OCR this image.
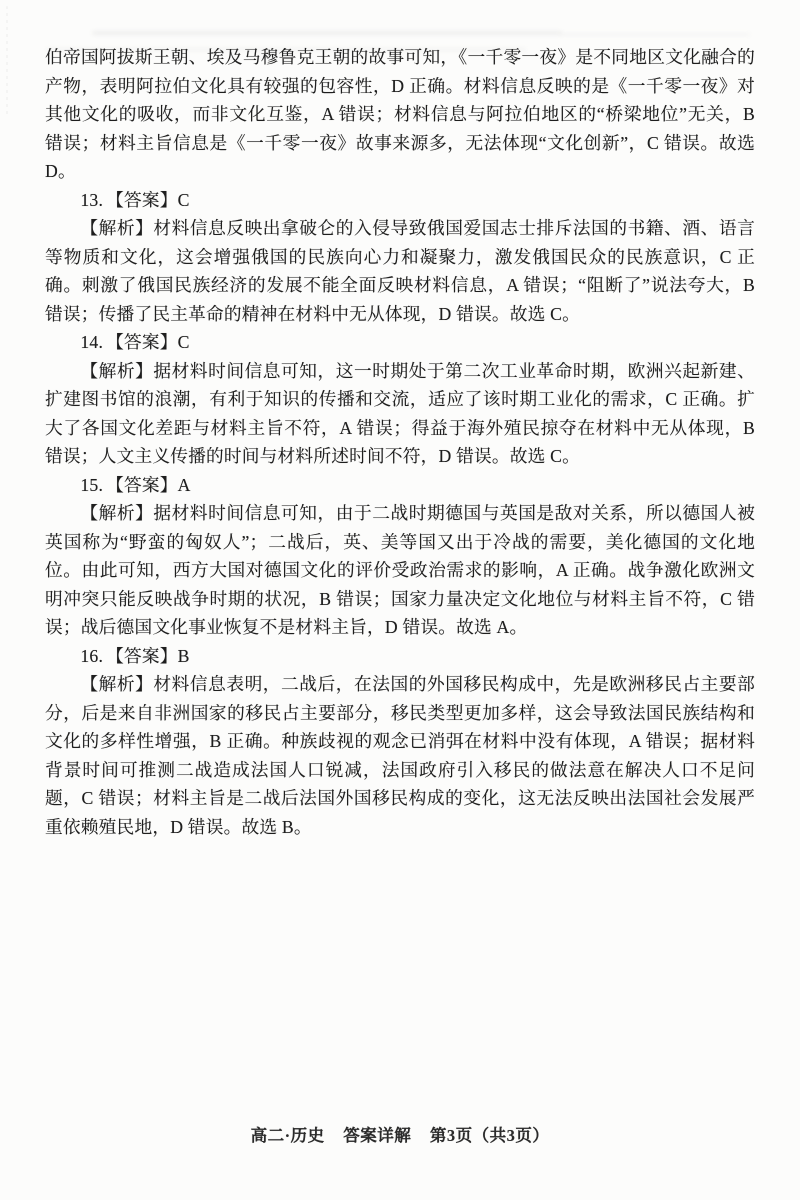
伯帝国阿拔斯王朝、埃及马穆鲁克王朝的故事可知，《一千零一夜》是不同地区文化融合的产物，表明阿拉伯文化具有较强的包容性，D 正确。材料信息反映的是《一千零一夜》对其他文化的吸收，而非文化互鉴，A 错误；材料信息与阿拉伯地区的“桥梁地位”无关，B 错误；材料主旨信息是《一千零一夜》故事来源多，无法体现“文化创新”，C 错误。故选 D。

13. 【答案】C

【解析】材料信息反映出拿破仑的入侵导致俄国爱国志士排斥法国的书籍、酒、语言等物质和文化，这会增强俄国的民族向心力和凝聚力，激发俄国民众的民族意识，C 正确。刺激了俄国民族经济的发展不能全面反映材料信息，A 错误；“阻断了”说法夸大，B 错误；传播了民主革命的精神在材料中无从体现，D 错误。故选 C。

14. 【答案】C

【解析】据材料时间信息可知，这一时期处于第二次工业革命时期，欧洲兴起新建、扩建图书馆的浪潮，有利于知识的传播和交流，适应了该时期工业化的需求，C 正确。扩大了各国文化差距与材料主旨不符，A 错误；得益于海外殖民掠夺在材料中无从体现，B 错误；人文主义传播的时间与材料所述时间不符，D 错误。故选 C。

15. 【答案】A

【解析】据材料时间信息可知，由于二战时期德国与英国是敌对关系，所以德国人被英国称为“野蛮的匈奴人”；二战后，英、美等国又出于冷战的需要，美化德国的文化地位。由此可知，西方大国对德国文化的评价受政治需求的影响，A 正确。战争激化欧洲文明冲突只能反映战争时期的状况，B 错误；国家力量决定文化地位与材料主旨不符，C 错误；战后德国文化事业恢复不是材料主旨，D 错误。故选 A。

16. 【答案】B

【解析】材料信息表明，二战后，在法国的外国移民构成中，先是欧洲移民占主要部分，后是来自非洲国家的移民占主要部分，移民类型更加多样，这会导致法国民族结构和文化的多样性增强，B 正确。种族歧视的观念已消弭在材料中没有体现，A 错误；据材料背景时间可推测二战造成法国人口锐减，法国政府引入移民的做法意在解决人口不足问题，C 错误；材料主旨是二战后法国外国移民构成的变化，这无法反映出法国社会发展严重依赖殖民地，D 错误。故选 B。

高二·历史 答案详解 第3页（共3页）
